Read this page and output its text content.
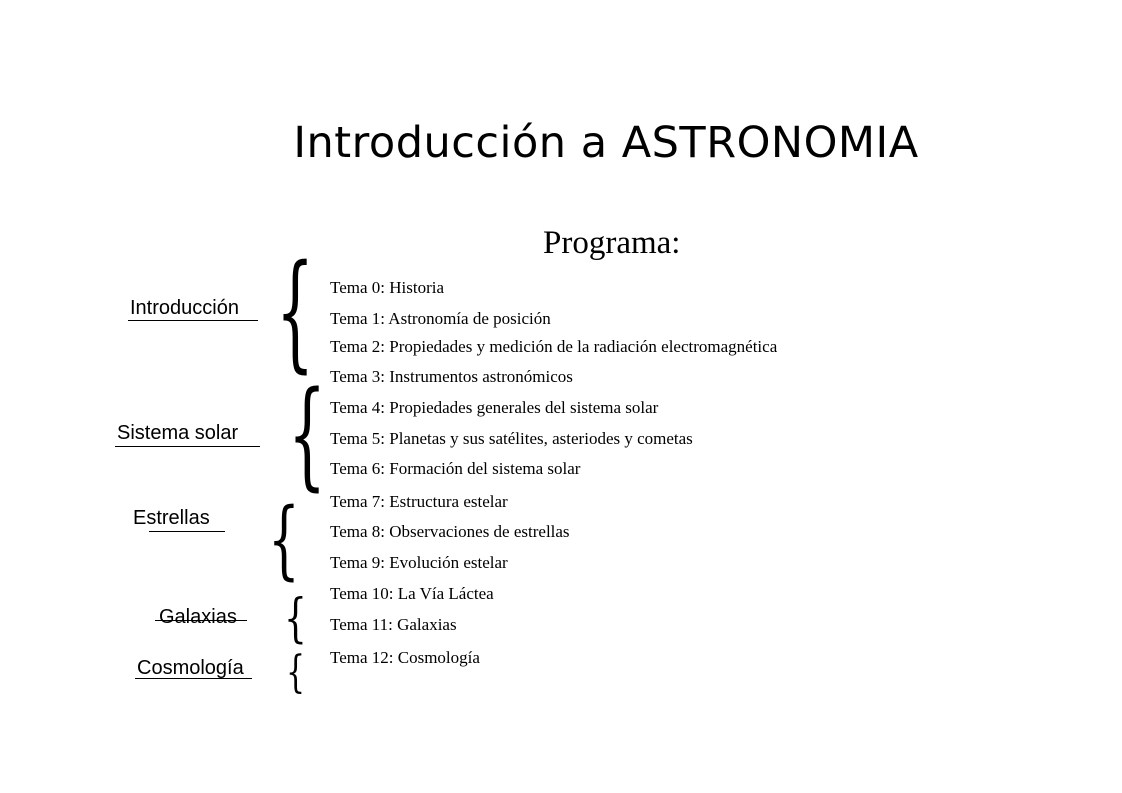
Introducción a ASTRONOMIA
Programa:
Introducción
Sistema solar
Estrellas
Galaxias
Cosmología
{
{
{
{
{
Tema 0: Historia
Tema 1: Astronomía de posición
Tema 2: Propiedades y medición de la radiación electromagnética
Tema 3: Instrumentos astronómicos
Tema 4: Propiedades generales del sistema solar
Tema 5: Planetas y sus satélites, asteriodes y cometas
Tema 6: Formación del sistema solar
Tema 7: Estructura estelar
Tema 8: Observaciones de estrellas
Tema 9: Evolución estelar
Tema 10: La Vía Láctea
Tema 11: Galaxias
Tema 12: Cosmología
